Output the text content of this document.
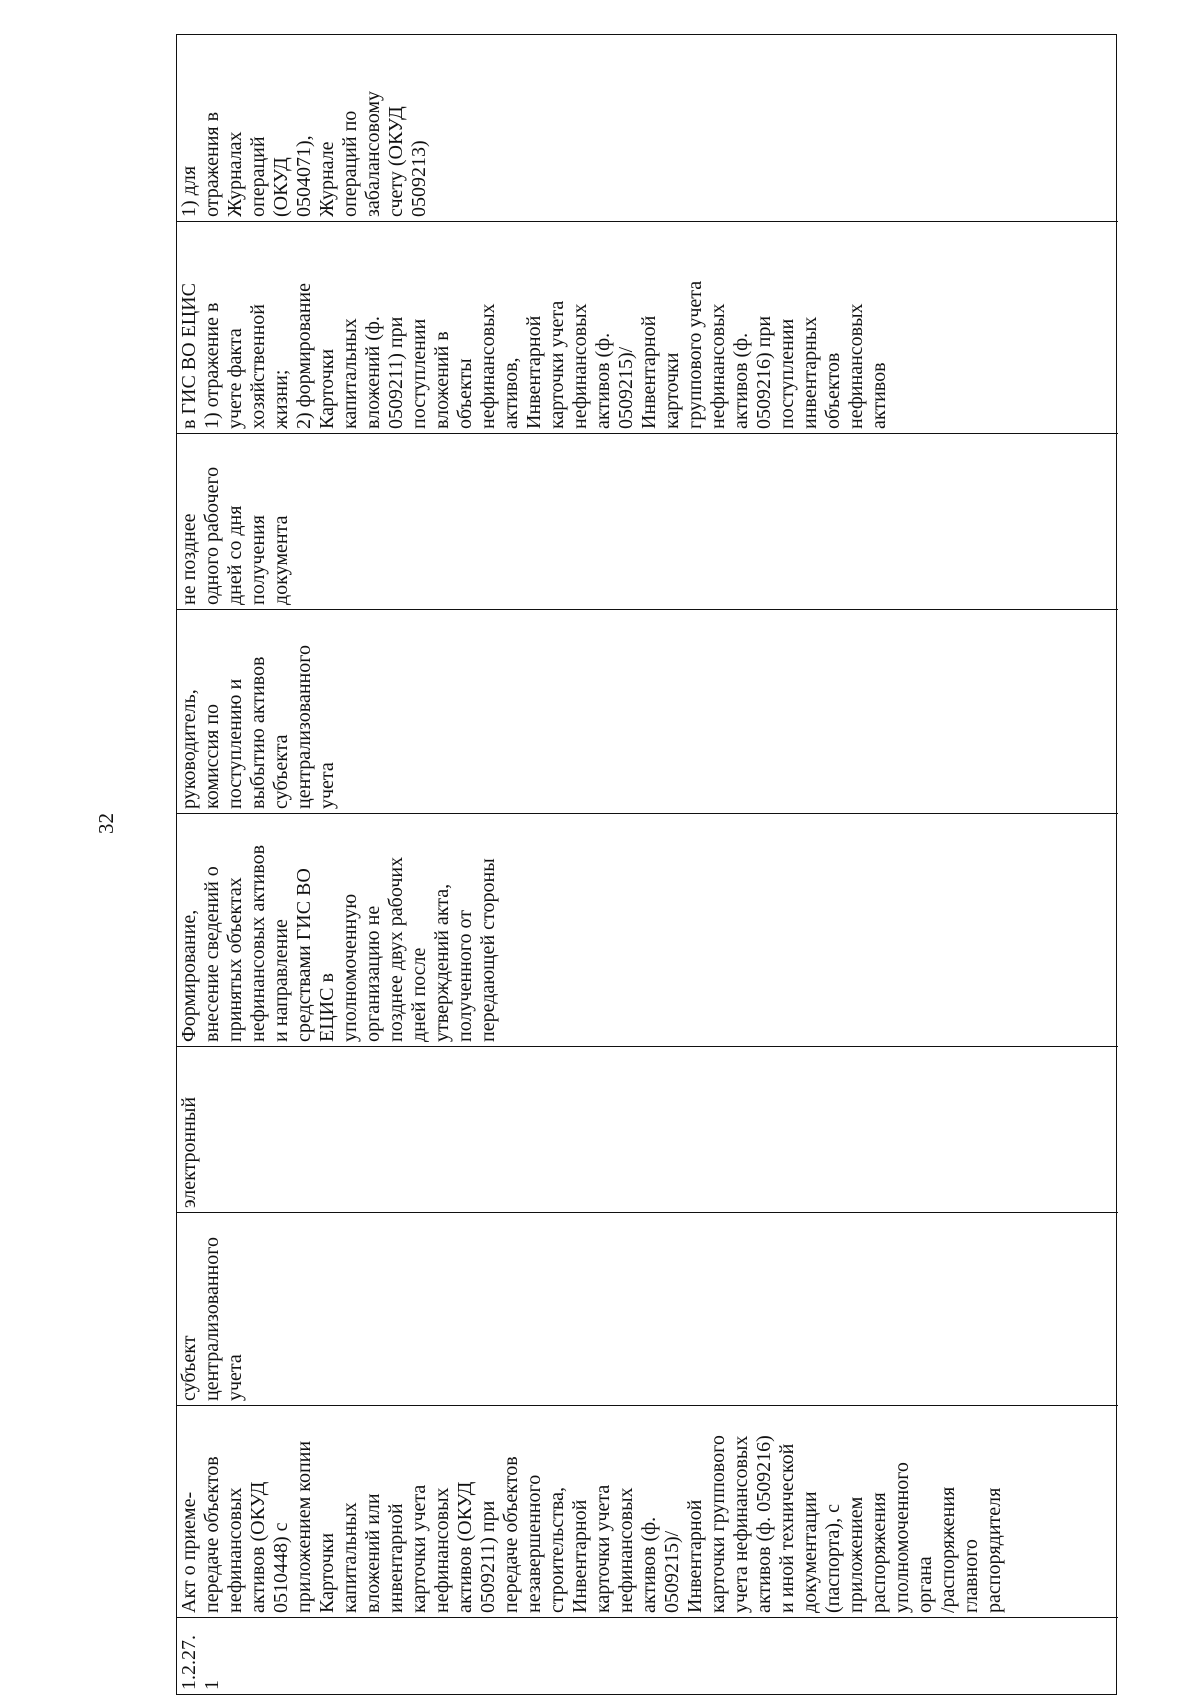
32
1.2.27.
1
Акт о приеме-
передаче объектов
нефинансовых
активов (ОКУД
0510448) с
приложением копии
Карточки
капитальных
вложений или
инвентарной
карточки учета
нефинансовых
активов (ОКУД
0509211) при
передаче объектов
незавершенного
строительства,
Инвентарной
карточки учета
нефинансовых
активов (ф.
0509215)/
Инвентарной
карточки группового
учета нефинансовых
активов (ф. 0509216)
и иной технической
документации
(паспорта), с
приложением
распоряжения
уполномоченного
органа
/распоряжения
главного
распорядителя
субъект
централизованного
учета
электронный
Формирование,
внесение сведений о
принятых объектах
нефинансовых активов
и направление
средствами ГИС ВО
ЕЦИС в
уполномоченную
организацию не
позднее двух рабочих
дней после
утверждений акта,
полученного от
передающей стороны
руководитель,
комиссия по
поступлению и
выбытию активов
субъекта
централизованного
учета
не позднее
одного рабочего
дней со дня
получения
документа
в ГИС ВО ЕЦИС
1) отражение в
учете факта
хозяйственной
жизни;
2) формирование
Карточки
капитальных
вложений (ф.
0509211) при
поступлении
вложений в
объекты
нефинансовых
активов,
Инвентарной
карточки учета
нефинансовых
активов (ф.
0509215)/
Инвентарной
карточки
группового учета
нефинансовых
активов (ф.
0509216) при
поступлении
инвентарных
объектов
нефинансовых
активов
1) для
отражения в
Журналах
операций
(ОКУД
0504071),
Журнале
операций по
забалансовому
счету (ОКУД
0509213)
